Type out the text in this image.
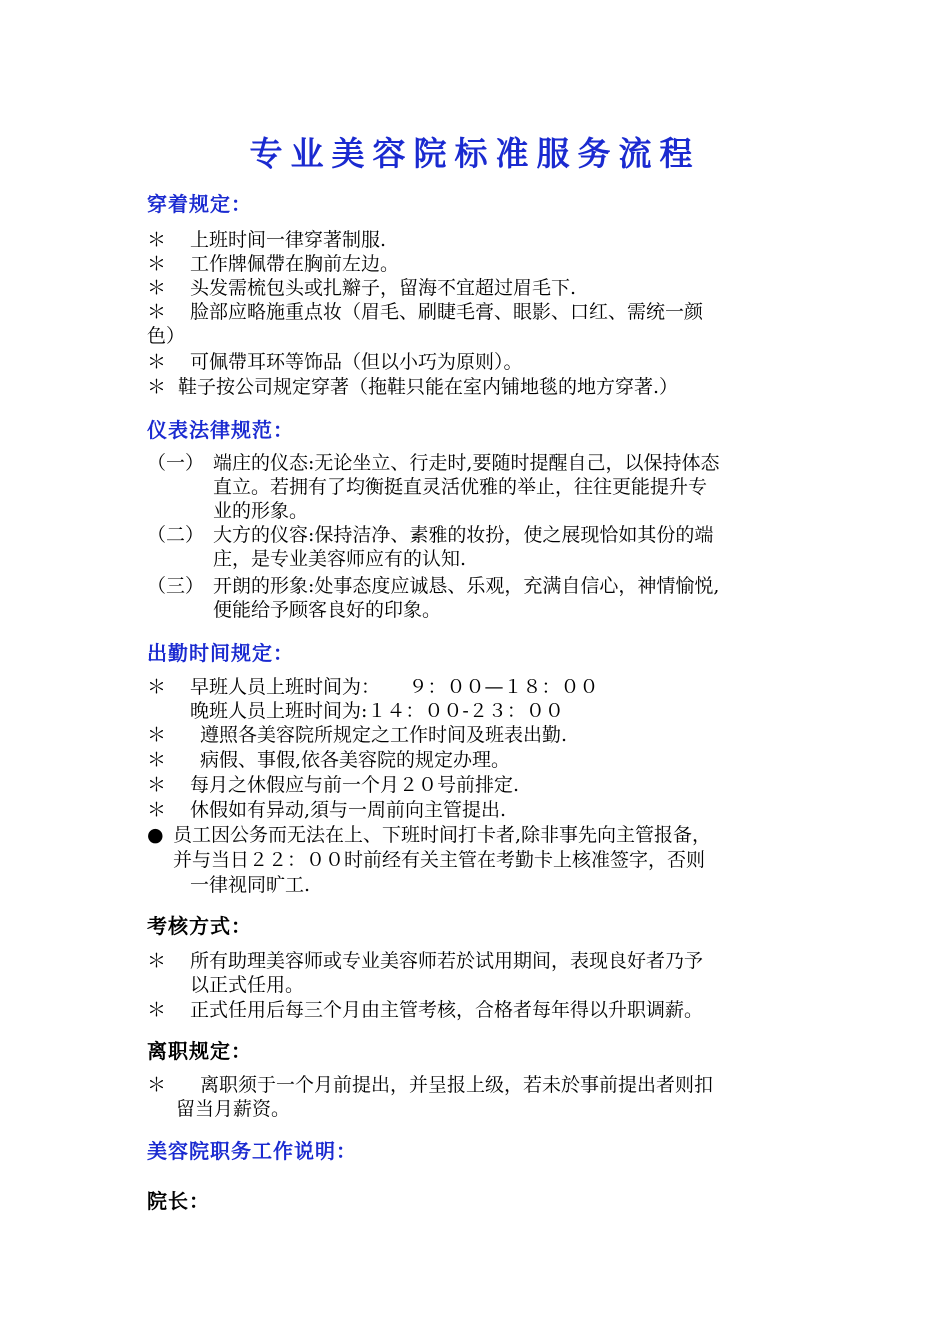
专业美容院标准服务流程
穿着规定：
＊ 上班时间一律穿著制服.
＊ 工作牌佩帶在胸前左边。
＊ 头发需梳包头或扎辮子，留海不宜超过眉毛下.
＊ 脸部应略施重点妆（眉毛、刷睫毛膏、眼影、口红、需统一颜
色）
＊ 可佩帶耳环等饰品（但以小巧为原则）。
＊ 鞋子按公司规定穿著（拖鞋只能在室内铺地毯的地方穿著.）
仪表法律规范：
（一） 端庄的仪态:无论坐立、行走时,要随时提醒自己，以保持体态
直立。若拥有了均衡挺直灵活优雅的举止，往往更能提升专
业的形象。
（二） 大方的仪容:保持洁净、素雅的妆扮，使之展现恰如其份的端
庄，是专业美容师应有的认知.
（三） 开朗的形象:处事态度应诚恳、乐观，充满自信心，神情愉悦,
便能给予顾客良好的印象。
出勤时间规定：
＊ 早班人员上班时间为：　　９：００—１８：００
晚班人员上班时间为:１４：００-２３：００
＊ 遵照各美容院所规定之工作时间及班表出勤.
＊ 病假、事假,依各美容院的规定办理。
＊ 每月之休假应与前一个月２０号前排定.
＊ 休假如有异动,須与一周前向主管提出.
● 员工因公务而无法在上、下班时间打卡者,除非事先向主管报备，
并与当日２２：００时前经有关主管在考勤卡上核准签字，否则
一律视同旷工.
考核方式：
＊ 所有助理美容师或专业美容师若於试用期间，表现良好者乃予
以正式任用。
＊ 正式任用后每三个月由主管考核，合格者每年得以升职调薪。
离职规定：
＊ 离职须于一个月前提出，并呈报上级，若未於事前提出者则扣
留当月薪资。
美容院职务工作说明：
院长：
